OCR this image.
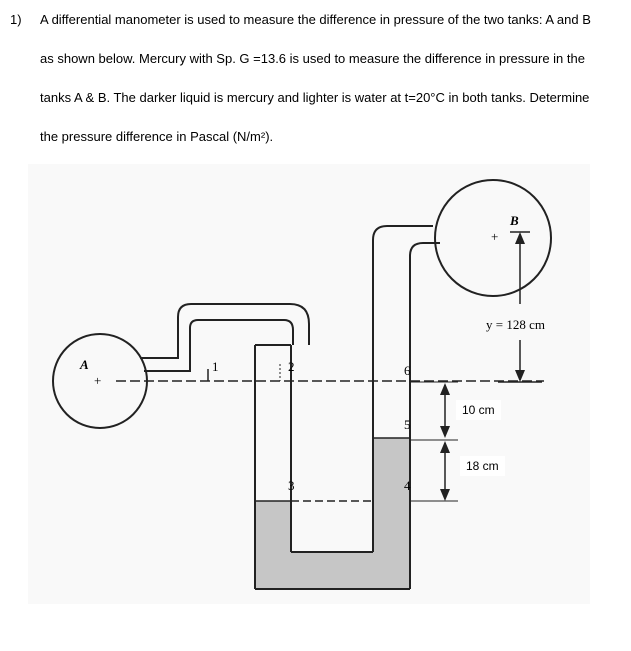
1) A differential manometer is used to measure the difference in pressure of the two tanks: A and B
as shown below. Mercury with Sp. G =13.6 is used to measure the difference in pressure in the
tanks A & B. The darker liquid is mercury and lighter is water at t=20°C in both tanks. Determine
the pressure difference in Pascal (N/m²).
A
+
B
+
1	2
3	4
5
6
y = 128 cm
10 cm
18 cm
